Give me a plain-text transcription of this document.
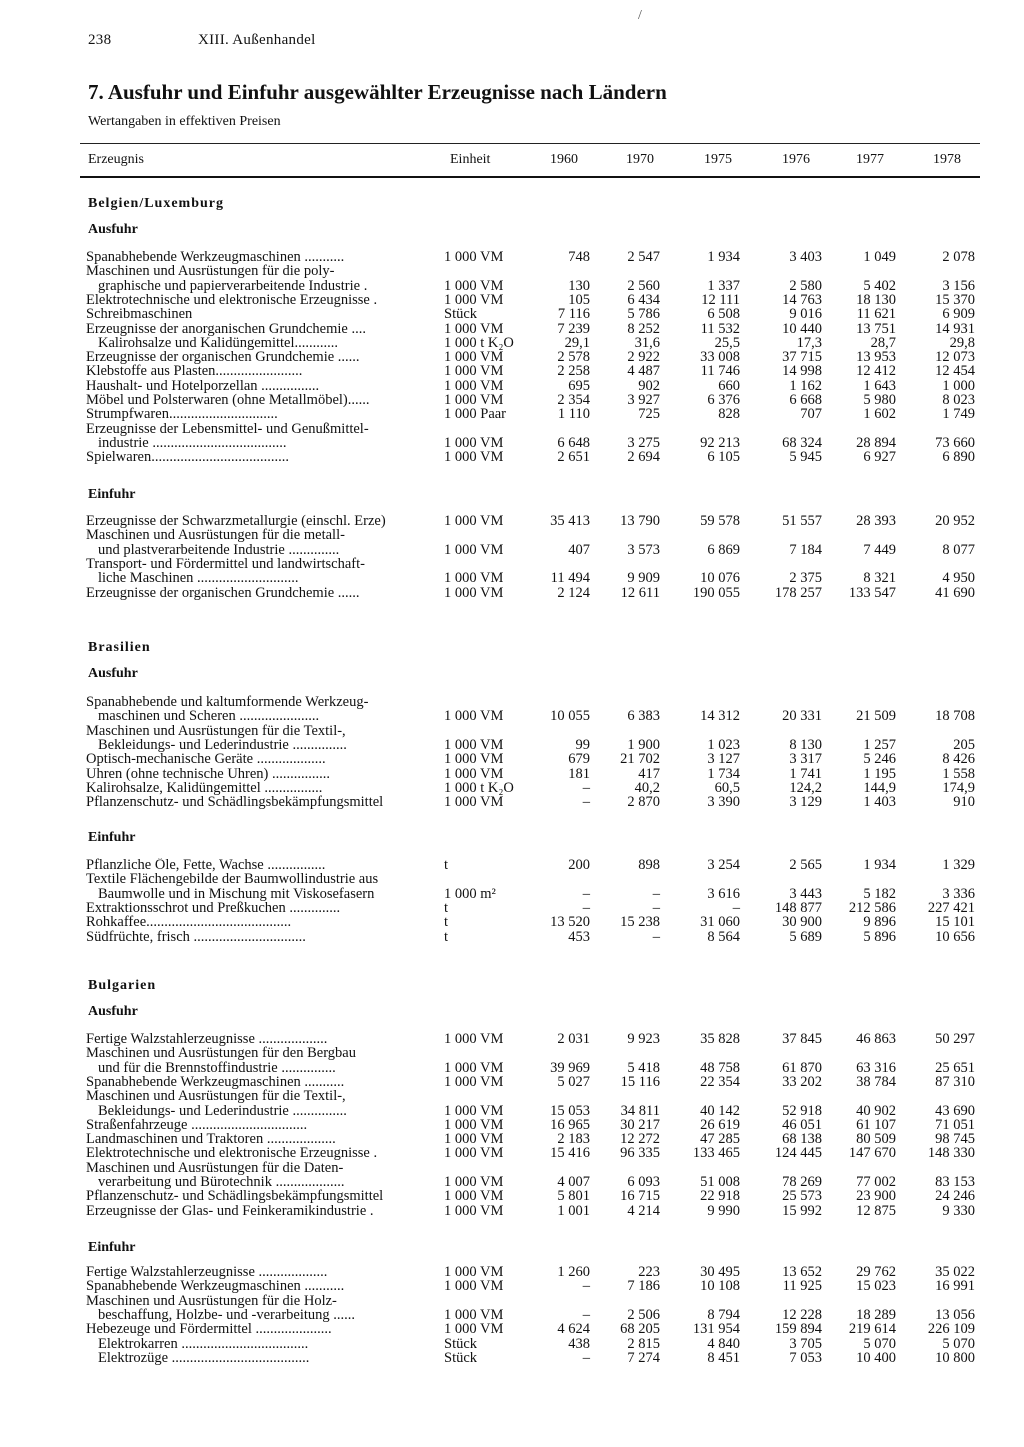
/
238	XIII. Außenhandel
7. Ausfuhr und Einfuhr ausgewählter Erzeugnisse nach Ländern
Wertangaben in effektiven Preisen
Erzeugnis	Einheit	1960	1970	1975	1976	1977	1978
Belgien/Luxemburg
Ausfuhr
Spanabhebende Werkzeugmaschinen ...........	1 000 VM	748	2 547	1 934	3 403	1 049	2 078
Maschinen und Ausrüstungen für die poly-
graphische und papierverarbeitende Industrie .	1 000 VM	130	2 560	1 337	2 580	5 402	3 156
Elektrotechnische und elektronische Erzeugnisse .	1 000 VM	105	6 434	12 111	14 763	18 130	15 370
Schreibmaschinen	Stück	7 116	5 786	6 508	9 016	11 621	6 909
Erzeugnisse der anorganischen Grundchemie ....	1 000 VM	7 239	8 252	11 532	10 440	13 751	14 931
Kalirohsalze und Kalidüngemittel............	1 000 t K₂O	29,1	31,6	25,5	17,3	28,7	29,8
Erzeugnisse der organischen Grundchemie ......	1 000 VM	2 578	2 922	33 008	37 715	13 953	12 073
Klebstoffe aus Plasten........................	1 000 VM	2 258	4 487	11 746	14 998	12 412	12 454
Haushalt- und Hotelporzellan ................	1 000 VM	695	902	660	1 162	1 643	1 000
Möbel und Polsterwaren (ohne Metallmöbel)......	1 000 VM	2 354	3 927	6 376	6 668	5 980	8 023
Strumpfwaren..............................	1 000 Paar	1 110	725	828	707	1 602	1 749
Erzeugnisse der Lebensmittel- und Genußmittel-
industrie .....................................	1 000 VM	6 648	3 275	92 213	68 324	28 894	73 660
Spielwaren......................................	1 000 VM	2 651	2 694	6 105	5 945	6 927	6 890
Einfuhr
Erzeugnisse der Schwarzmetallurgie (einschl. Erze)	1 000 VM	35 413	13 790	59 578	51 557	28 393	20 952
Maschinen und Ausrüstungen für die metall-
und plastverarbeitende Industrie ..............	1 000 VM	407	3 573	6 869	7 184	7 449	8 077
Transport- und Fördermittel und landwirtschaft-
liche Maschinen ............................	1 000 VM	11 494	9 909	10 076	2 375	8 321	4 950
Erzeugnisse der organischen Grundchemie ......	1 000 VM	2 124	12 611	190 055	178 257	133 547	41 690
Brasilien
Ausfuhr
Spanabhebende und kaltumformende Werkzeug-
maschinen und Scheren ......................	1 000 VM	10 055	6 383	14 312	20 331	21 509	18 708
Maschinen und Ausrüstungen für die Textil-,
Bekleidungs- und Lederindustrie ...............	1 000 VM	99	1 900	1 023	8 130	1 257	205
Optisch-mechanische Geräte ...................	1 000 VM	679	21 702	3 127	3 317	5 246	8 426
Uhren (ohne technische Uhren) ................	1 000 VM	181	417	1 734	1 741	1 195	1 558
Kalirohsalze, Kalidüngemittel ................	1 000 t K₂O	–	40,2	60,5	124,2	144,9	174,9
Pflanzenschutz- und Schädlingsbekämpfungsmittel	1 000 VM	–	2 870	3 390	3 129	1 403	910
Einfuhr
Pflanzliche Öle, Fette, Wachse ................	t	200	898	3 254	2 565	1 934	1 329
Textile Flächengebilde der Baumwollindustrie aus
Baumwolle und in Mischung mit Viskosefasern	1 000 m²	–	–	3 616	3 443	5 182	3 336
Extraktionsschrot und Preßkuchen ..............	t	–	–	–	148 877	212 586	227 421
Rohkaffee........................................	t	13 520	15 238	31 060	30 900	9 896	15 101
Südfrüchte, frisch ...............................	t	453	–	8 564	5 689	5 896	10 656
Bulgarien
Ausfuhr
Fertige Walzstahlerzeugnisse ...................	1 000 VM	2 031	9 923	35 828	37 845	46 863	50 297
Maschinen und Ausrüstungen für den Bergbau
und für die Brennstoffindustrie ...............	1 000 VM	39 969	5 418	48 758	61 870	63 316	25 651
Spanabhebende Werkzeugmaschinen ...........	1 000 VM	5 027	15 116	22 354	33 202	38 784	87 310
Maschinen und Ausrüstungen für die Textil-,
Bekleidungs- und Lederindustrie ...............	1 000 VM	15 053	34 811	40 142	52 918	40 902	43 690
Straßenfahrzeuge ................................	1 000 VM	16 965	30 217	26 619	46 051	61 107	71 051
Landmaschinen und Traktoren ...................	1 000 VM	2 183	12 272	47 285	68 138	80 509	98 745
Elektrotechnische und elektronische Erzeugnisse .	1 000 VM	15 416	96 335	133 465	124 445	147 670	148 330
Maschinen und Ausrüstungen für die Daten-
verarbeitung und Bürotechnik ...................	1 000 VM	4 007	6 093	51 008	78 269	77 002	83 153
Pflanzenschutz- und Schädlingsbekämpfungsmittel	1 000 VM	5 801	16 715	22 918	25 573	23 900	24 246
Erzeugnisse der Glas- und Feinkeramikindustrie .	1 000 VM	1 001	4 214	9 990	15 992	12 875	9 330
Einfuhr
Fertige Walzstahlerzeugnisse ...................	1 000 VM	1 260	223	30 495	13 652	29 762	35 022
Spanabhebende Werkzeugmaschinen ...........	1 000 VM	–	7 186	10 108	11 925	15 023	16 991
Maschinen und Ausrüstungen für die Holz-
beschaffung, Holzbe- und -verarbeitung ......	1 000 VM	–	2 506	8 794	12 228	18 289	13 056
Hebezeuge und Fördermittel .....................	1 000 VM	4 624	68 205	131 954	159 894	219 614	226 109
Elektrokarren ...................................	Stück	438	2 815	4 840	3 705	5 070	5 070
Elektrozüge ......................................	Stück	–	7 274	8 451	7 053	10 400	10 800
